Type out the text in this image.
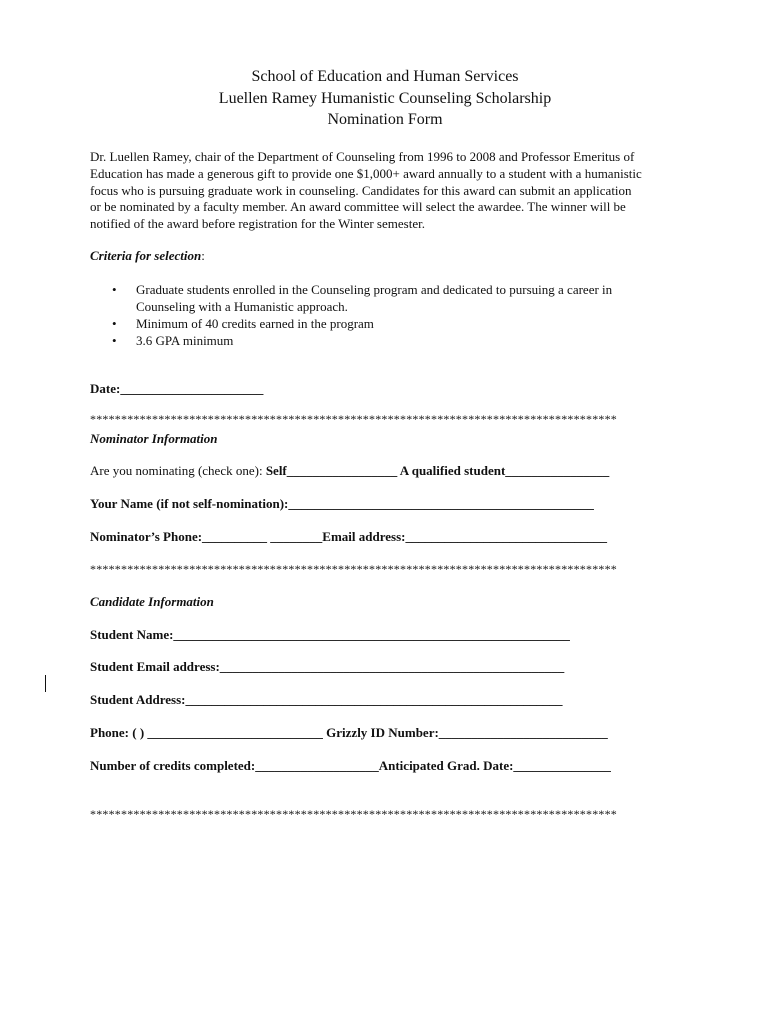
School of Education and Human Services
Luellen Ramey Humanistic Counseling Scholarship
Nomination Form
Dr. Luellen Ramey, chair of the Department of Counseling from 1996 to 2008 and Professor Emeritus of
Education has made a generous gift to provide one $1,000+ award annually to a student with a humanistic
focus who is pursuing graduate work in counseling. Candidates for this award can submit an application
or be nominated by a faculty member. An award committee will select the awardee. The winner will be
notified of the award before registration for the Winter semester.
Criteria for selection:
• Graduate students enrolled in the Counseling program and dedicated to pursuing a career in
Counseling with a Humanistic approach.
• Minimum of 40 credits earned in the program
• 3.6 GPA minimum
Date:______________________
*************************************************************************************
Nominator Information
Are you nominating (check one): Self_________________ A qualified student________________
Your Name (if not self-nomination):_______________________________________________
Nominator’s Phone:__________ ________Email address:_______________________________
*************************************************************************************
Candidate Information
Student Name:_____________________________________________________________
Student Email address:_____________________________________________________
Student Address:__________________________________________________________
Phone: ( ) ___________________________ Grizzly ID Number:__________________________
Number of credits completed:___________________Anticipated Grad. Date:_______________
*************************************************************************************
